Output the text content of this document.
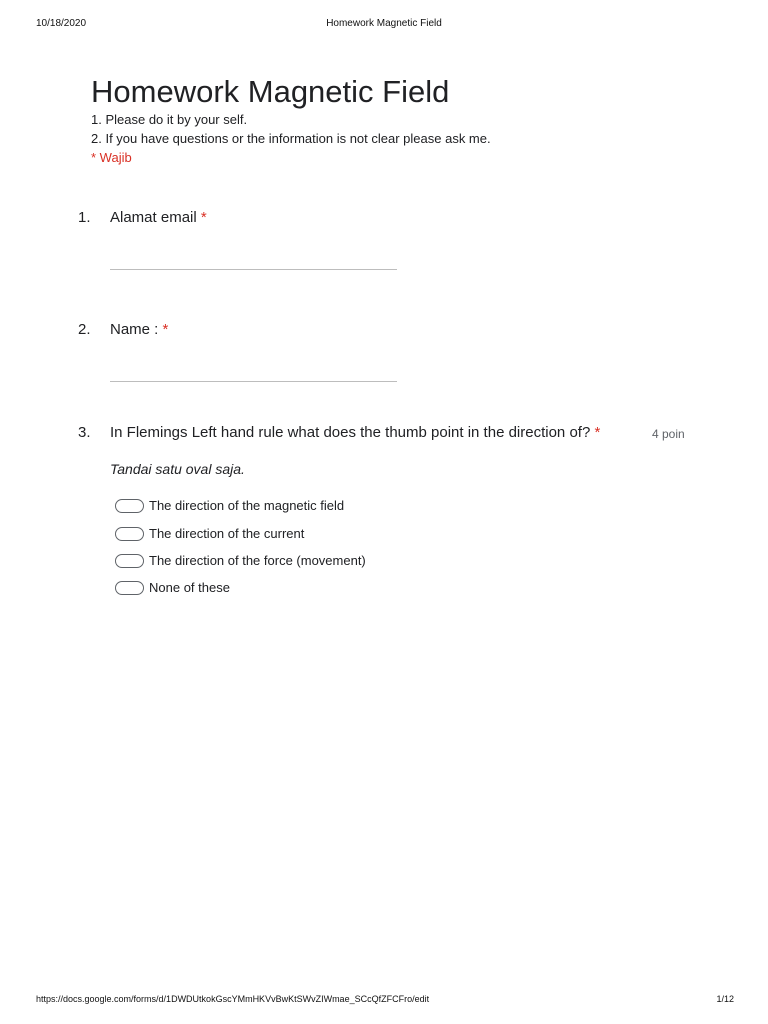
10/18/2020	Homework Magnetic Field
Homework Magnetic Field
1. Please do it by your self.
2. If you have questions or the information is not clear please ask me.
* Wajib
1. Alamat email *
2. Name : *
3. In Flemings Left hand rule what does the thumb point in the direction of? *	4 poin
Tandai satu oval saja.
The direction of the magnetic field
The direction of the current
The direction of the force (movement)
None of these
https://docs.google.com/forms/d/1DWDUtkokGscYMmHKVvBwKtSWvZIWmae_SCcQfZFCFro/edit	1/12
